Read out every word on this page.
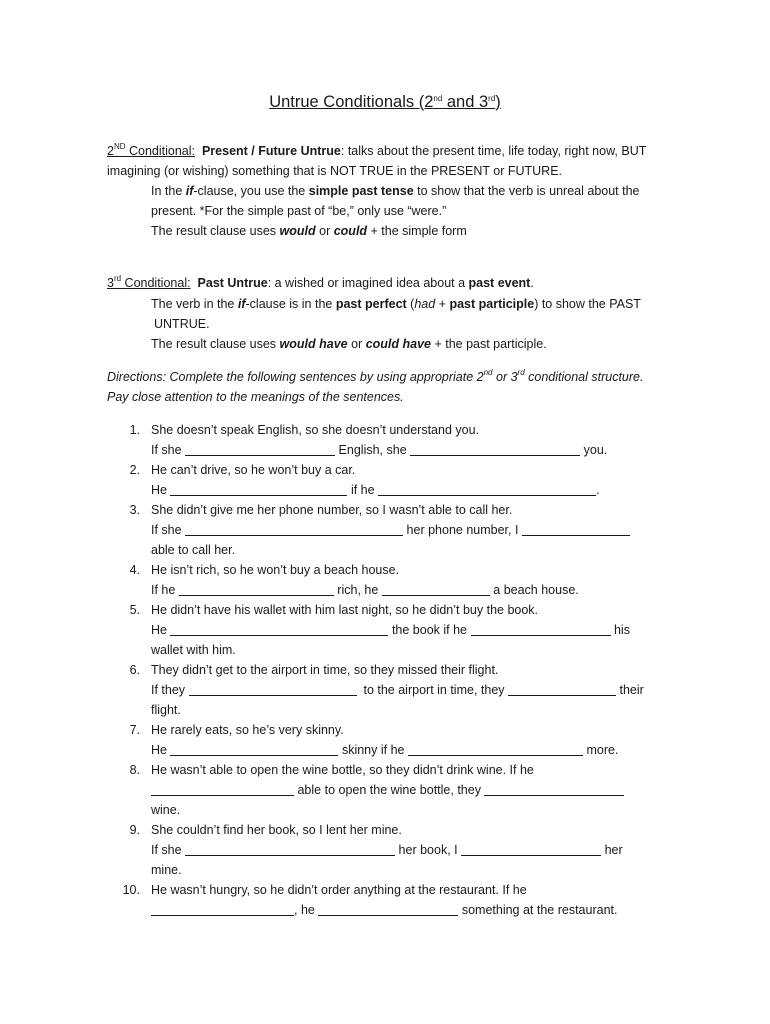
Untrue Conditionals (2nd and 3rd)
2ND Conditional: Present / Future Untrue: talks about the present time, life today, right now, BUT
imagining (or wishing) something that is NOT TRUE in the PRESENT or FUTURE.
In the if-clause, you use the simple past tense to show that the verb is unreal about the
present. *For the simple past of “be,” only use “were.”
The result clause uses would or could + the simple form
3rd Conditional: Past Untrue: a wished or imagined idea about a past event.
The verb in the if-clause is in the past perfect (had + past participle) to show the PAST
UNTRUE.
The result clause uses would have or could have + the past participle.
Directions: Complete the following sentences by using appropriate 2nd or 3rd conditional structure.
Pay close attention to the meanings of the sentences.
1. She doesn’t speak English, so she doesn’t understand you.
If she	English, she	you.
2. He can’t drive, so he won’t buy a car.
He	if he	.
3. She didn’t give me her phone number, so I wasn’t able to call her.
If she	her phone number, I
able to call her.
4. He isn’t rich, so he won’t buy a beach house.
If he	rich, he	a beach house.
5. He didn’t have his wallet with him last night, so he didn’t buy the book.
He	the book if he	his
wallet with him.
6. They didn’t get to the airport in time, so they missed their flight.
If they	to the airport in time, they	their
flight.
7. He rarely eats, so he’s very skinny.
He	skinny if he	more.
8. He wasn’t able to open the wine bottle, so they didn’t drink wine. If he
able to open the wine bottle, they
wine.
9. She couldn’t find her book, so I lent her mine.
If she	her book, I	her
mine.
10. He wasn’t hungry, so he didn’t order anything at the restaurant. If he
, he	something at the restaurant.
